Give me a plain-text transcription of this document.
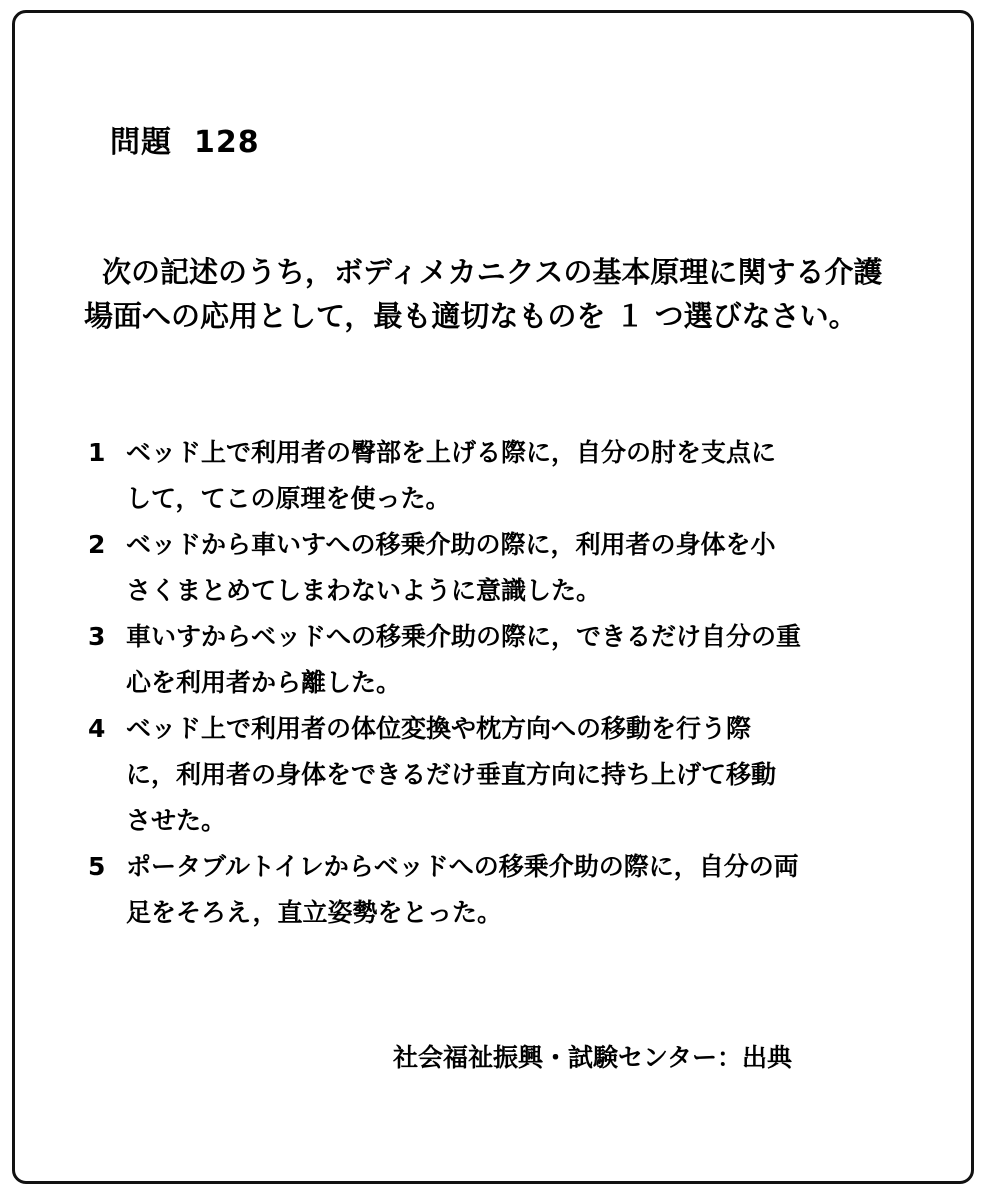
問題 128
次の記述のうち，ボディメカニクスの基本原理に関する介護
場面への応用として，最も適切なものを １ つ選びなさい。
1 ベッド上で利用者の臀部を上げる際に，自分の肘を支点に
して，てこの原理を使った。
2 ベッドから車いすへの移乗介助の際に，利用者の身体を小
さくまとめてしまわないように意識した。
3 車いすからベッドへの移乗介助の際に，できるだけ自分の重
心を利用者から離した。
4 ベッド上で利用者の体位変換や枕方向への移動を行う際
に，利用者の身体をできるだけ垂直方向に持ち上げて移動
させた。
5 ポータブルトイレからベッドへの移乗介助の際に，自分の両
足をそろえ，直立姿勢をとった。
社会福祉振興・試験センター：出典
